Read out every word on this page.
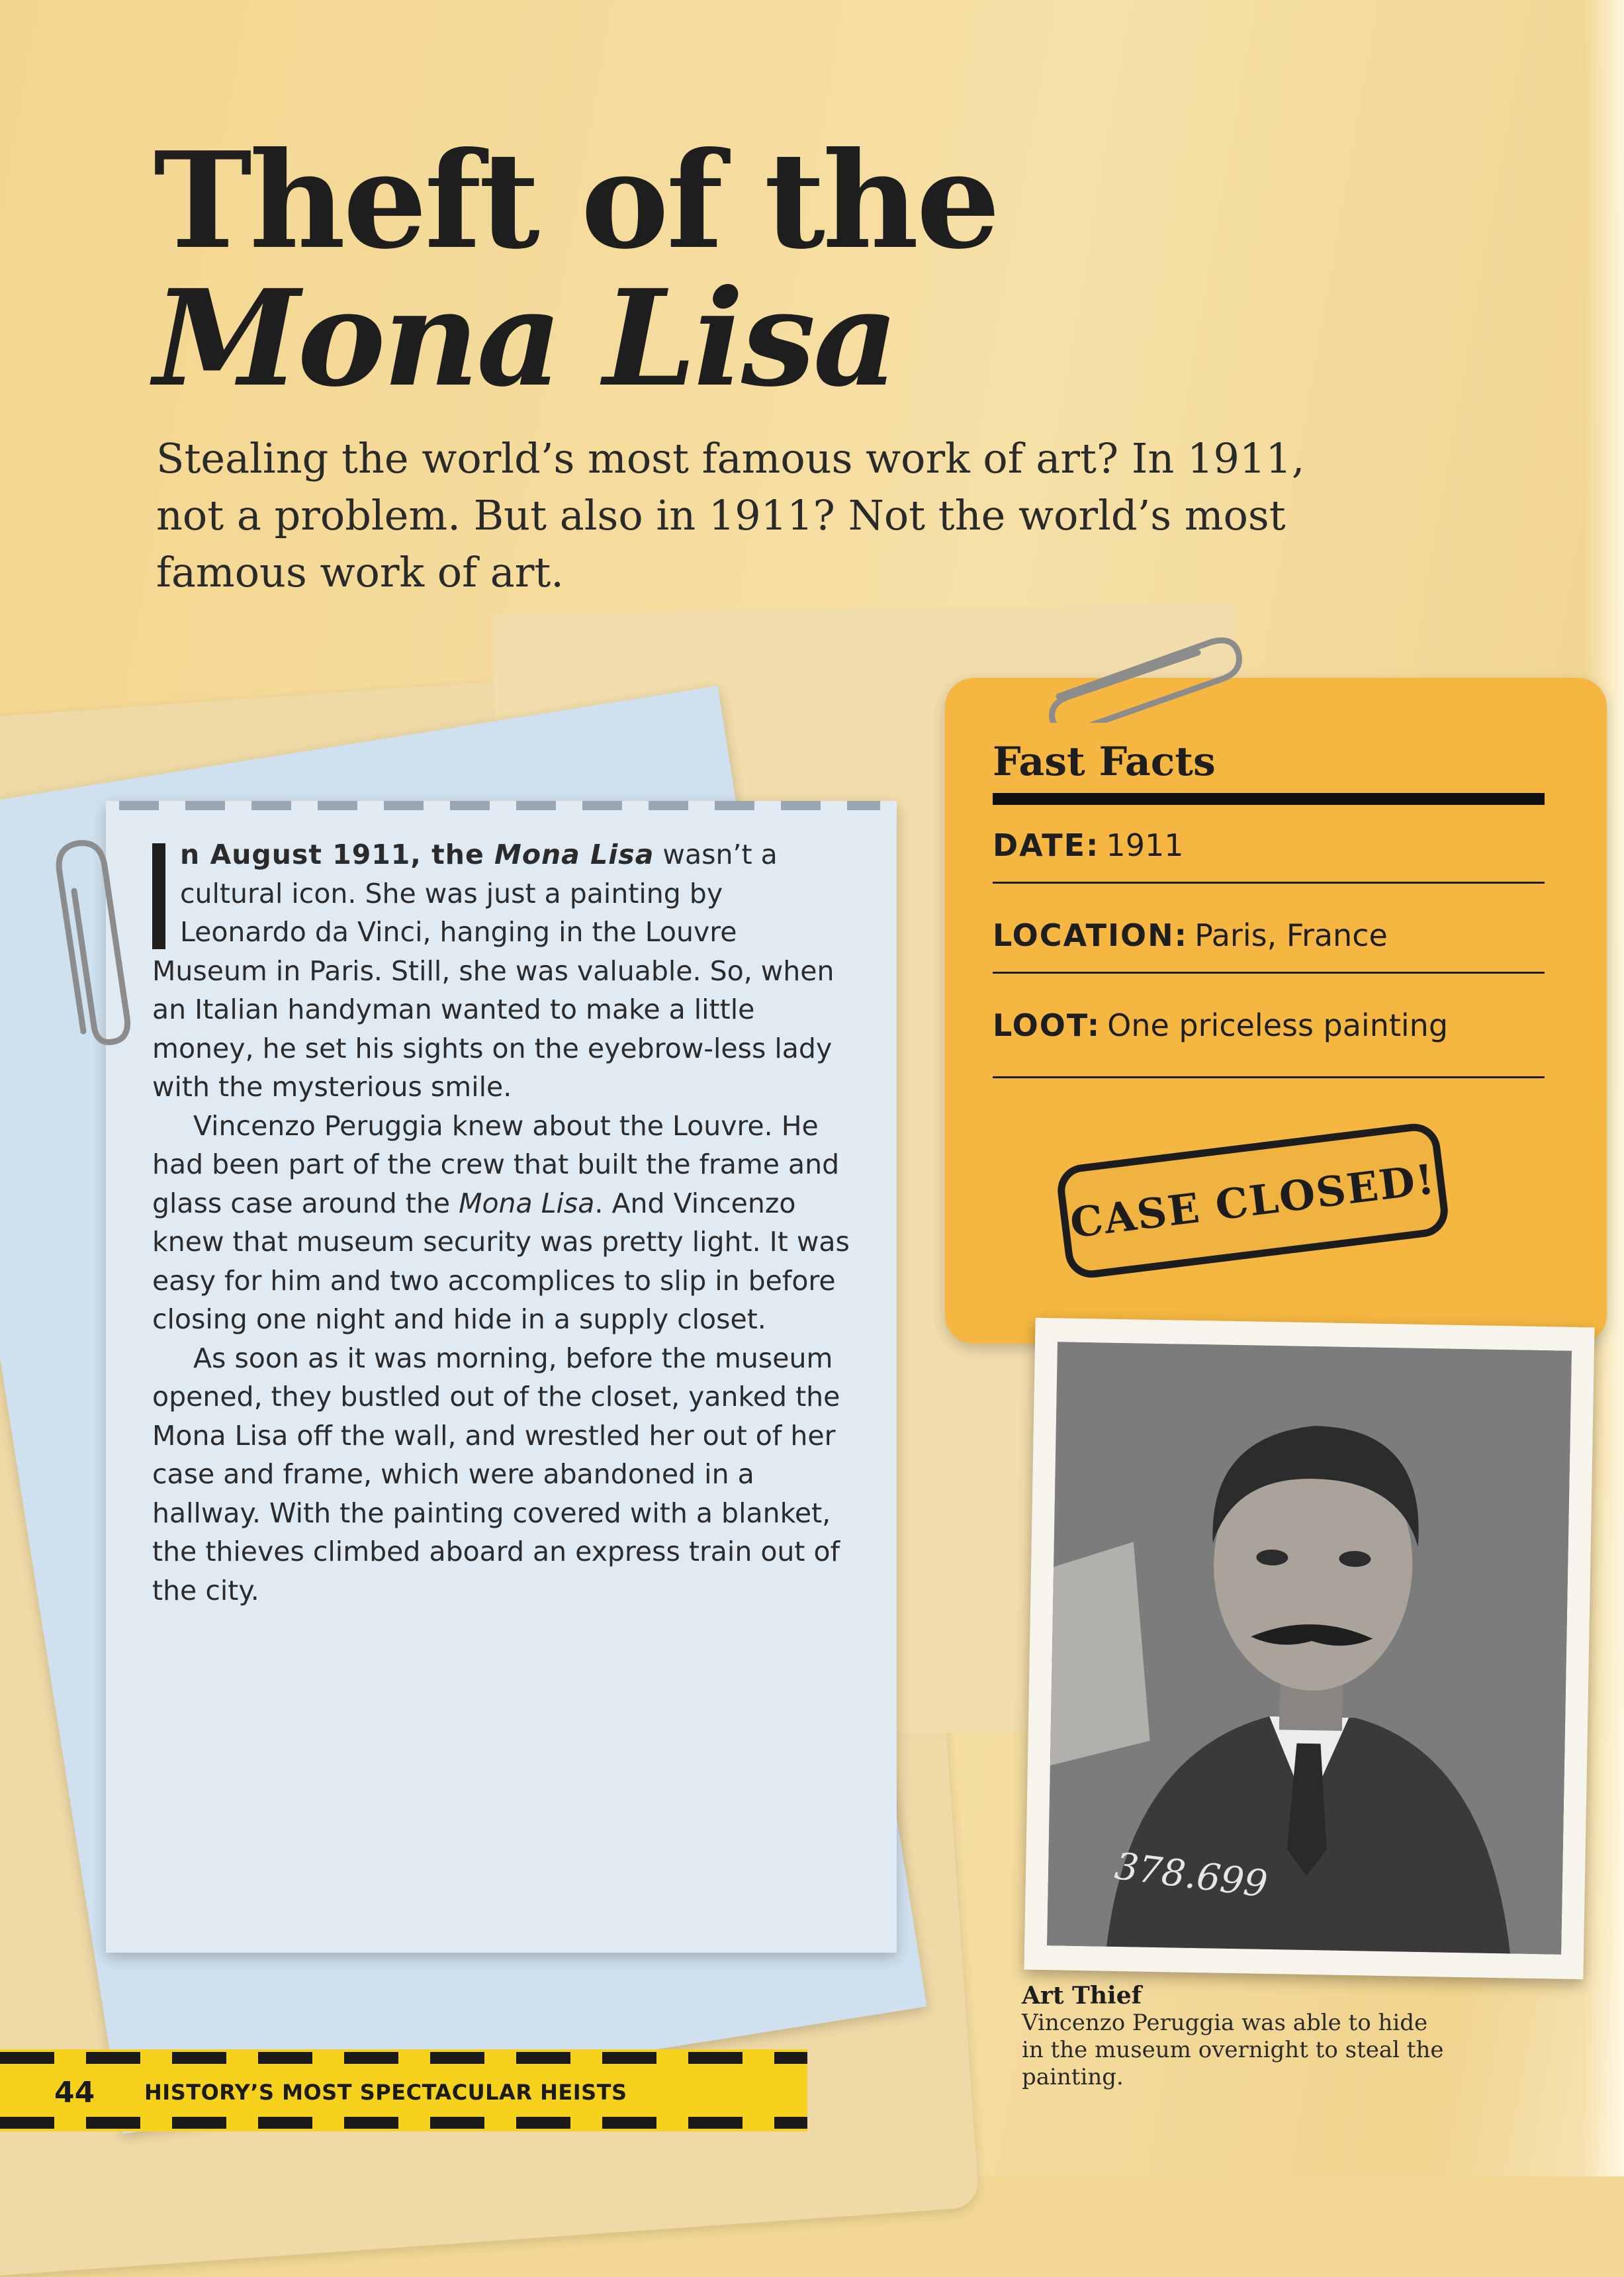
Theft of the
Mona Lisa

Stealing the world’s most famous work of art? In 1911, not a problem. But also in 1911? Not the world’s most famous work of art.

n August 1911, the Mona Lisa wasn’t a cultural icon. She was just a painting by Leonardo da Vinci, hanging in the Louvre Museum in Paris. Still, she was valuable. So, when an Italian handyman wanted to make a little money, he set his sights on the eyebrow-less lady with the mysterious smile.

Vincenzo Peruggia knew about the Louvre. He had been part of the crew that built the frame and glass case around the Mona Lisa. And Vincenzo knew that museum security was pretty light. It was easy for him and two accomplices to slip in before closing one night and hide in a supply closet.

As soon as it was morning, before the museum opened, they bustled out of the closet, yanked the Mona Lisa off the wall, and wrestled her out of her case and frame, which were abandoned in a hallway. With the painting covered with a blanket, the thieves climbed aboard an express train out of the city.

Fast Facts
DATE: 1911
LOCATION: Paris, France
LOOT: One priceless painting
CASE CLOSED!
378.699
Art Thief
Vincenzo Peruggia was able to hide in the museum overnight to steal the painting.
44 HISTORY’S MOST SPECTACULAR HEISTS
